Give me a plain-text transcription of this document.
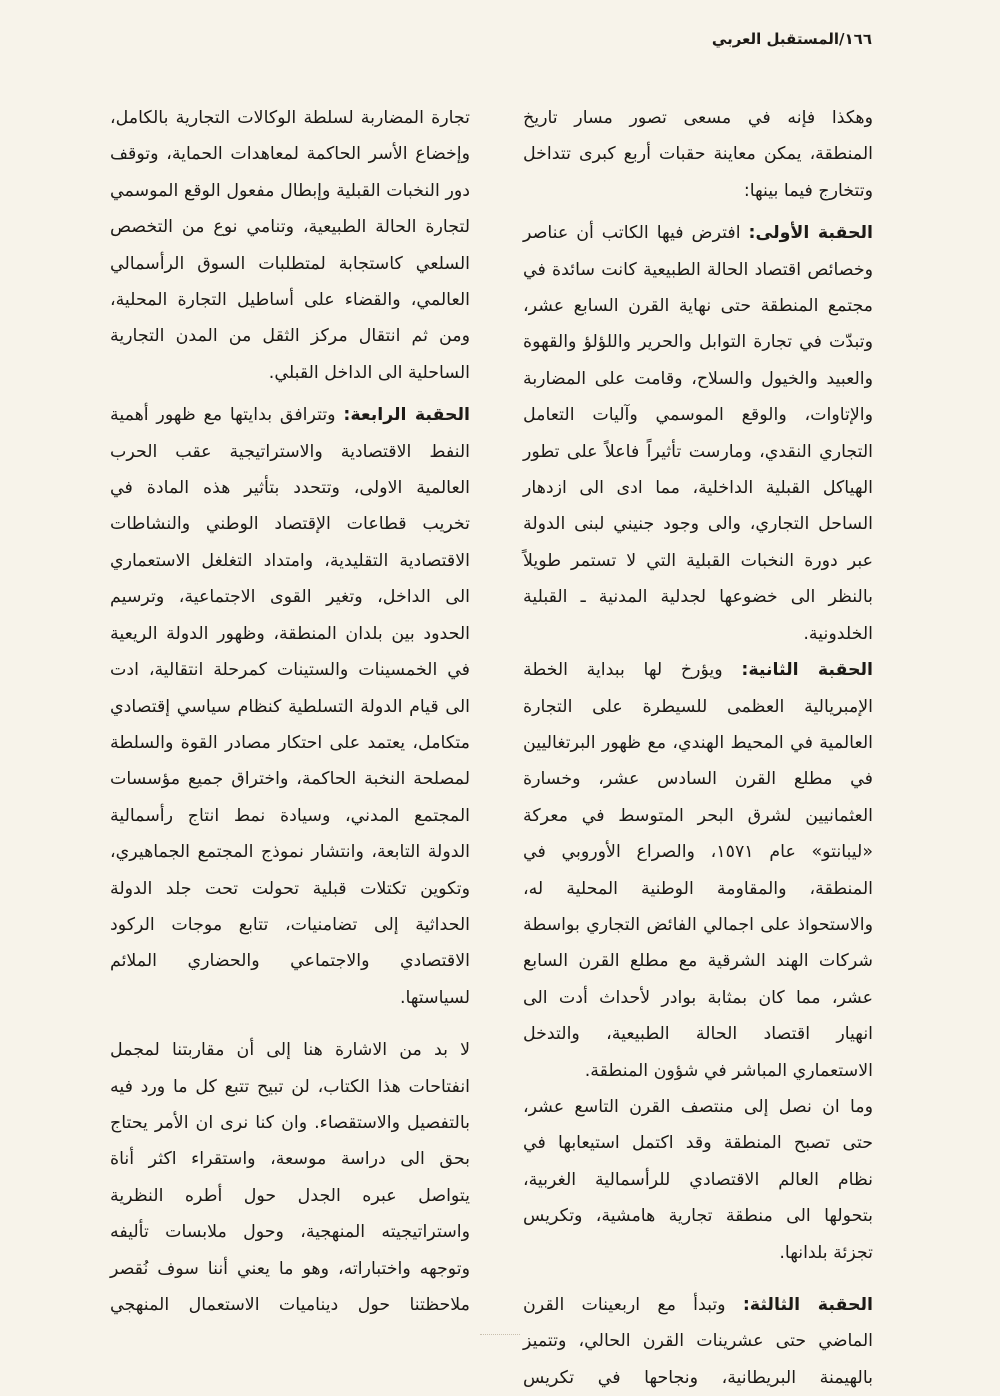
١٦٦/المستقبل العربي

وهكذا فإنه في مسعى تصور مسار تاريخ المنطقة، يمكن معاينة حقبات أربع كبرى تتداخل وتتخارج فيما بينها:

الحقبة الأولى: افترض فيها الكاتب أن عناصر وخصائص اقتصاد الحالة الطبيعية كانت سائدة في مجتمع المنطقة حتى نهاية القرن السابع عشر، وتبدّت في تجارة التوابل والحرير واللؤلؤ والقهوة والعبيد والخيول والسلاح، وقامت على المضاربة والإتاوات، والوقع الموسمي وآليات التعامل التجاري النقدي، ومارست تأثيراً فاعلاً على تطور الهياكل القبلية الداخلية، مما ادى الى ازدهار الساحل التجاري، والى وجود جنيني لبنى الدولة عبر دورة النخبات القبلية التي لا تستمر طويلاً بالنظر الى خضوعها لجدلية المدنية ـ القبلية الخلدونية.

الحقبة الثانية: ويؤرخ لها ببداية الخطة الإمبريالية العظمى للسيطرة على التجارة العالمية في المحيط الهندي، مع ظهور البرتغاليين في مطلع القرن السادس عشر، وخسارة العثمانيين لشرق البحر المتوسط في معركة «ليبانتو» عام ١٥٧١، والصراع الأوروبي في المنطقة، والمقاومة الوطنية المحلية له، والاستحواذ على اجمالي الفائض التجاري بواسطة شركات الهند الشرقية مع مطلع القرن السابع عشر، مما كان بمثابة بوادر لأحداث أدت الى انهيار اقتصاد الحالة الطبيعية، والتدخل الاستعماري المباشر في شؤون المنطقة.

وما ان نصل إلى منتصف القرن التاسع عشر، حتى تصبح المنطقة وقد اكتمل استيعابها في نظام العالم الاقتصادي للرأسمالية الغربية، بتحولها الى منطقة تجارية هامشية، وتكريس تجزئة بلدانها.

الحقبة الثالثة: وتبدأ مع اربعينات القرن الماضي حتى عشرينات القرن الحالي، وتتميز بالهيمنة البريطانية، ونجاحها في تكريس

تجارة المضاربة لسلطة الوكالات التجارية بالكامل، وإخضاع الأسر الحاكمة لمعاهدات الحماية، وتوقف دور النخبات القبلية وإبطال مفعول الوقع الموسمي لتجارة الحالة الطبيعية، وتنامي نوع من التخصص السلعي كاستجابة لمتطلبات السوق الرأسمالي العالمي، والقضاء على أساطيل التجارة المحلية، ومن ثم انتقال مركز الثقل من المدن التجارية الساحلية الى الداخل القبلي.

الحقبة الرابعة: وتترافق بدايتها مع ظهور أهمية النفط الاقتصادية والاستراتيجية عقب الحرب العالمية الاولى، وتتحدد بتأثير هذه المادة في تخريب قطاعات الإقتصاد الوطني والنشاطات الاقتصادية التقليدية، وامتداد التغلغل الاستعماري الى الداخل، وتغير القوى الاجتماعية، وترسيم الحدود بين بلدان المنطقة، وظهور الدولة الريعية في الخمسينات والستينات كمرحلة انتقالية، ادت الى قيام الدولة التسلطية كنظام سياسي إقتصادي متكامل، يعتمد على احتكار مصادر القوة والسلطة لمصلحة النخبة الحاكمة، واختراق جميع مؤسسات المجتمع المدني، وسيادة نمط انتاج رأسمالية الدولة التابعة، وانتشار نموذج المجتمع الجماهيري، وتكوين تكتلات قبلية تحولت تحت جلد الدولة الحداثية إلى تضامنيات، تتابع موجات الركود الاقتصادي والاجتماعي والحضاري الملائم لسياستها.

لا بد من الاشارة هنا إلى أن مقاربتنا لمجمل انفتاحات هذا الكتاب، لن تبيح تتبع كل ما ورد فيه بالتفصيل والاستقصاء. وان كنا نرى ان الأمر يحتاج بحق الى دراسة موسعة، واستقراء اكثر أناة يتواصل عبره الجدل حول أطره النظرية واستراتيجيته المنهجية، وحول ملابسات تأليفه وتوجهه واختباراته، وهو ما يعني أننا سوف نُقصر ملاحظتنا حول ديناميات الاستعمال المنهجي
